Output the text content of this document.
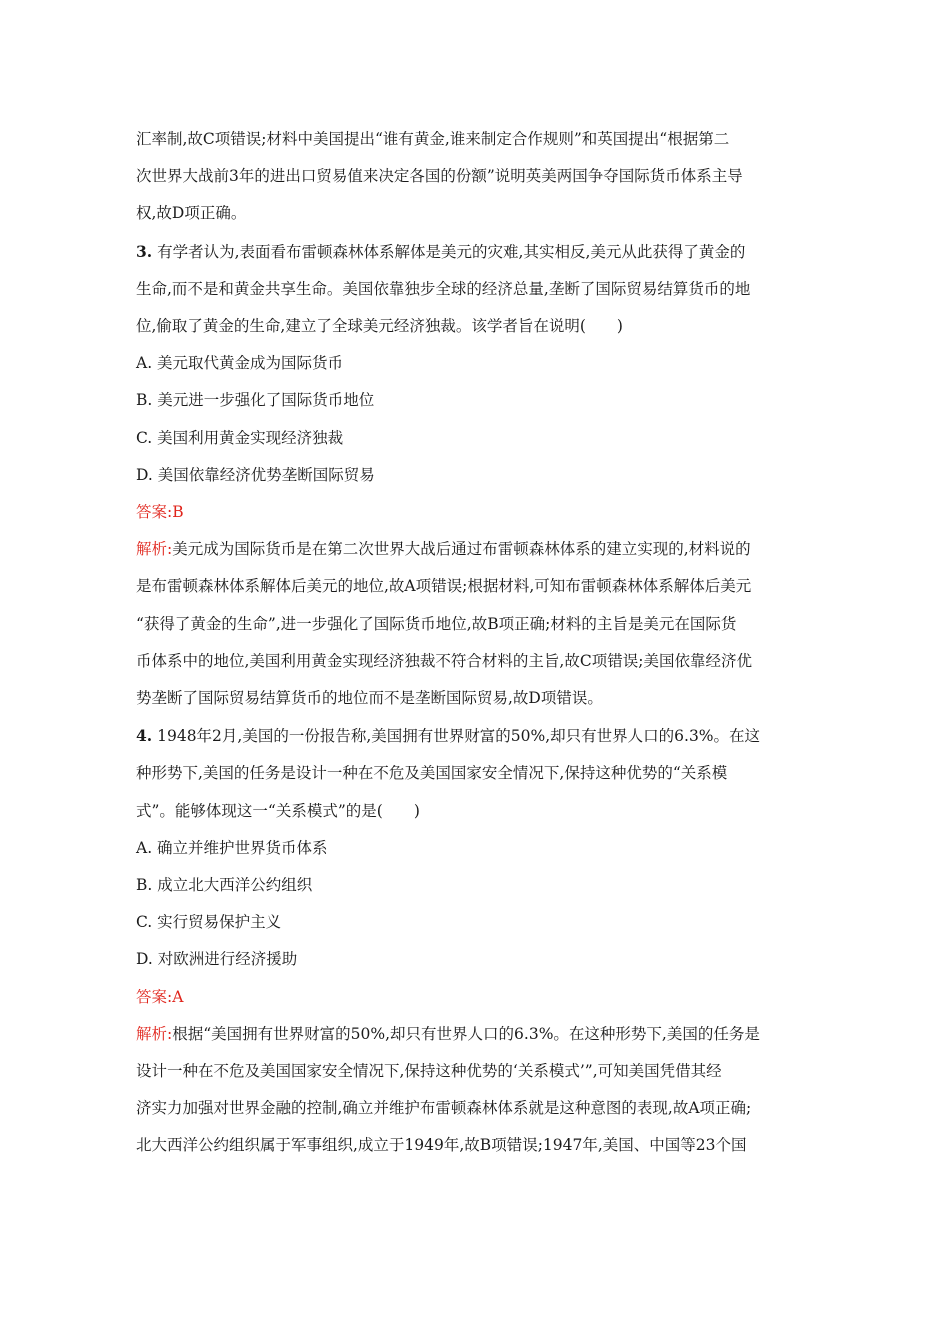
汇率制,故C项错误;材料中美国提出“谁有黄金,谁来制定合作规则”和英国提出“根据第二
次世界大战前3年的进出口贸易值来决定各国的份额”说明英美两国争夺国际货币体系主导
权,故D项正确。
3. 有学者认为,表面看布雷顿森林体系解体是美元的灾难,其实相反,美元从此获得了黄金的
生命,而不是和黄金共享生命。美国依靠独步全球的经济总量,垄断了国际贸易结算货币的地
位,偷取了黄金的生命,建立了全球美元经济独裁。该学者旨在说明(　　)
A. 美元取代黄金成为国际货币
B. 美元进一步强化了国际货币地位
C. 美国利用黄金实现经济独裁
D. 美国依靠经济优势垄断国际贸易
答案:B
解析:美元成为国际货币是在第二次世界大战后通过布雷顿森林体系的建立实现的,材料说的
是布雷顿森林体系解体后美元的地位,故A项错误;根据材料,可知布雷顿森林体系解体后美元
“获得了黄金的生命”,进一步强化了国际货币地位,故B项正确;材料的主旨是美元在国际货
币体系中的地位,美国利用黄金实现经济独裁不符合材料的主旨,故C项错误;美国依靠经济优
势垄断了国际贸易结算货币的地位而不是垄断国际贸易,故D项错误。
4. 1948年2月,美国的一份报告称,美国拥有世界财富的50%,却只有世界人口的6.3%。在这
种形势下,美国的任务是设计一种在不危及美国国家安全情况下,保持这种优势的“关系模
式”。能够体现这一“关系模式”的是(　　)
A. 确立并维护世界货币体系
B. 成立北大西洋公约组织
C. 实行贸易保护主义
D. 对欧洲进行经济援助
答案:A
解析:根据“美国拥有世界财富的50%,却只有世界人口的6.3%。在这种形势下,美国的任务是
设计一种在不危及美国国家安全情况下,保持这种优势的‘关系模式’”,可知美国凭借其经
济实力加强对世界金融的控制,确立并维护布雷顿森林体系就是这种意图的表现,故A项正确;
北大西洋公约组织属于军事组织,成立于1949年,故B项错误;1947年,美国、中国等23个国
